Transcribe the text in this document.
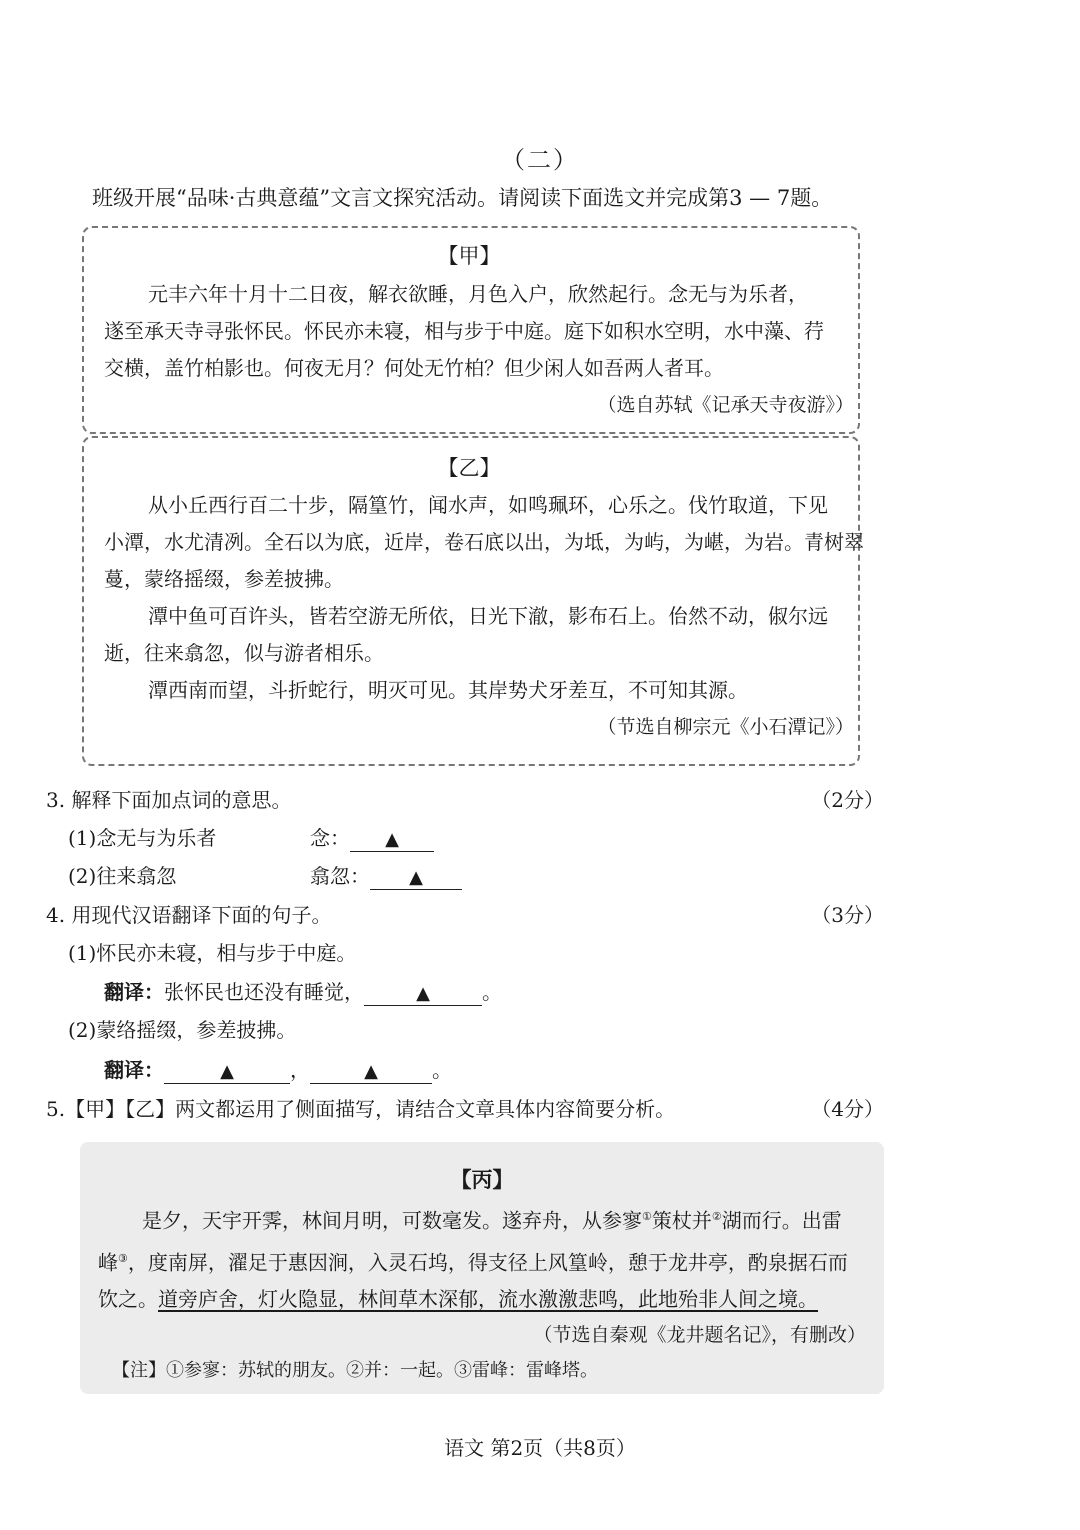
（二）
班级开展“品味·古典意蕴”文言文探究活动。请阅读下面选文并完成第3 — 7题。
【甲】
元丰六年十月十二日夜，解衣欲睡，月色入户，欣然起行。念无与为乐者，
遂至承天寺寻张怀民。怀民亦未寝，相与步于中庭。庭下如积水空明，水中藻、荇
交横，盖竹柏影也。何夜无月？何处无竹柏？但少闲人如吾两人者耳。
（选自苏轼《记承天寺夜游》）
【乙】
从小丘西行百二十步，隔篁竹，闻水声，如鸣珮环，心乐之。伐竹取道，下见
小潭，水尤清冽。全石以为底，近岸，卷石底以出，为坻，为屿，为嵁，为岩。青树翠
蔓，蒙络摇缀，参差披拂。
潭中鱼可百许头，皆若空游无所依，日光下澈，影布石上。佁然不动，俶尔远
逝，往来翕忽，似与游者相乐。
潭西南而望，斗折蛇行，明灭可见。其岸势犬牙差互，不可知其源。
（节选自柳宗元《小石潭记》）
3. 解释下面加点词的意思。	（2分）
(1)念无与为乐者	念： ▲
(2)往来翕忽	翕忽： ▲
4. 用现代汉语翻译下面的句子。	（3分）
(1)怀民亦未寝，相与步于中庭。
翻译：张怀民也还没有睡觉，	▲	。
(2)蒙络摇缀，参差披拂。
翻译：	▲	，	▲	。
5.【甲】【乙】两文都运用了侧面描写，请结合文章具体内容简要分析。	（4分）
【丙】
是夕，天宇开霁，林间月明，可数毫发。遂弃舟，从参寥①策杖并②湖而行。出雷
峰③，度南屏，濯足于惠因涧，入灵石坞，得支径上风篁岭，憩于龙井亭，酌泉据石而
饮之。道旁庐舍，灯火隐显，林间草木深郁，流水激激悲鸣，此地殆非人间之境。
（节选自秦观《龙井题名记》，有删改）
【注】①参寥：苏轼的朋友。②并：一起。③雷峰：雷峰塔。
语文 第2页（共8页）
